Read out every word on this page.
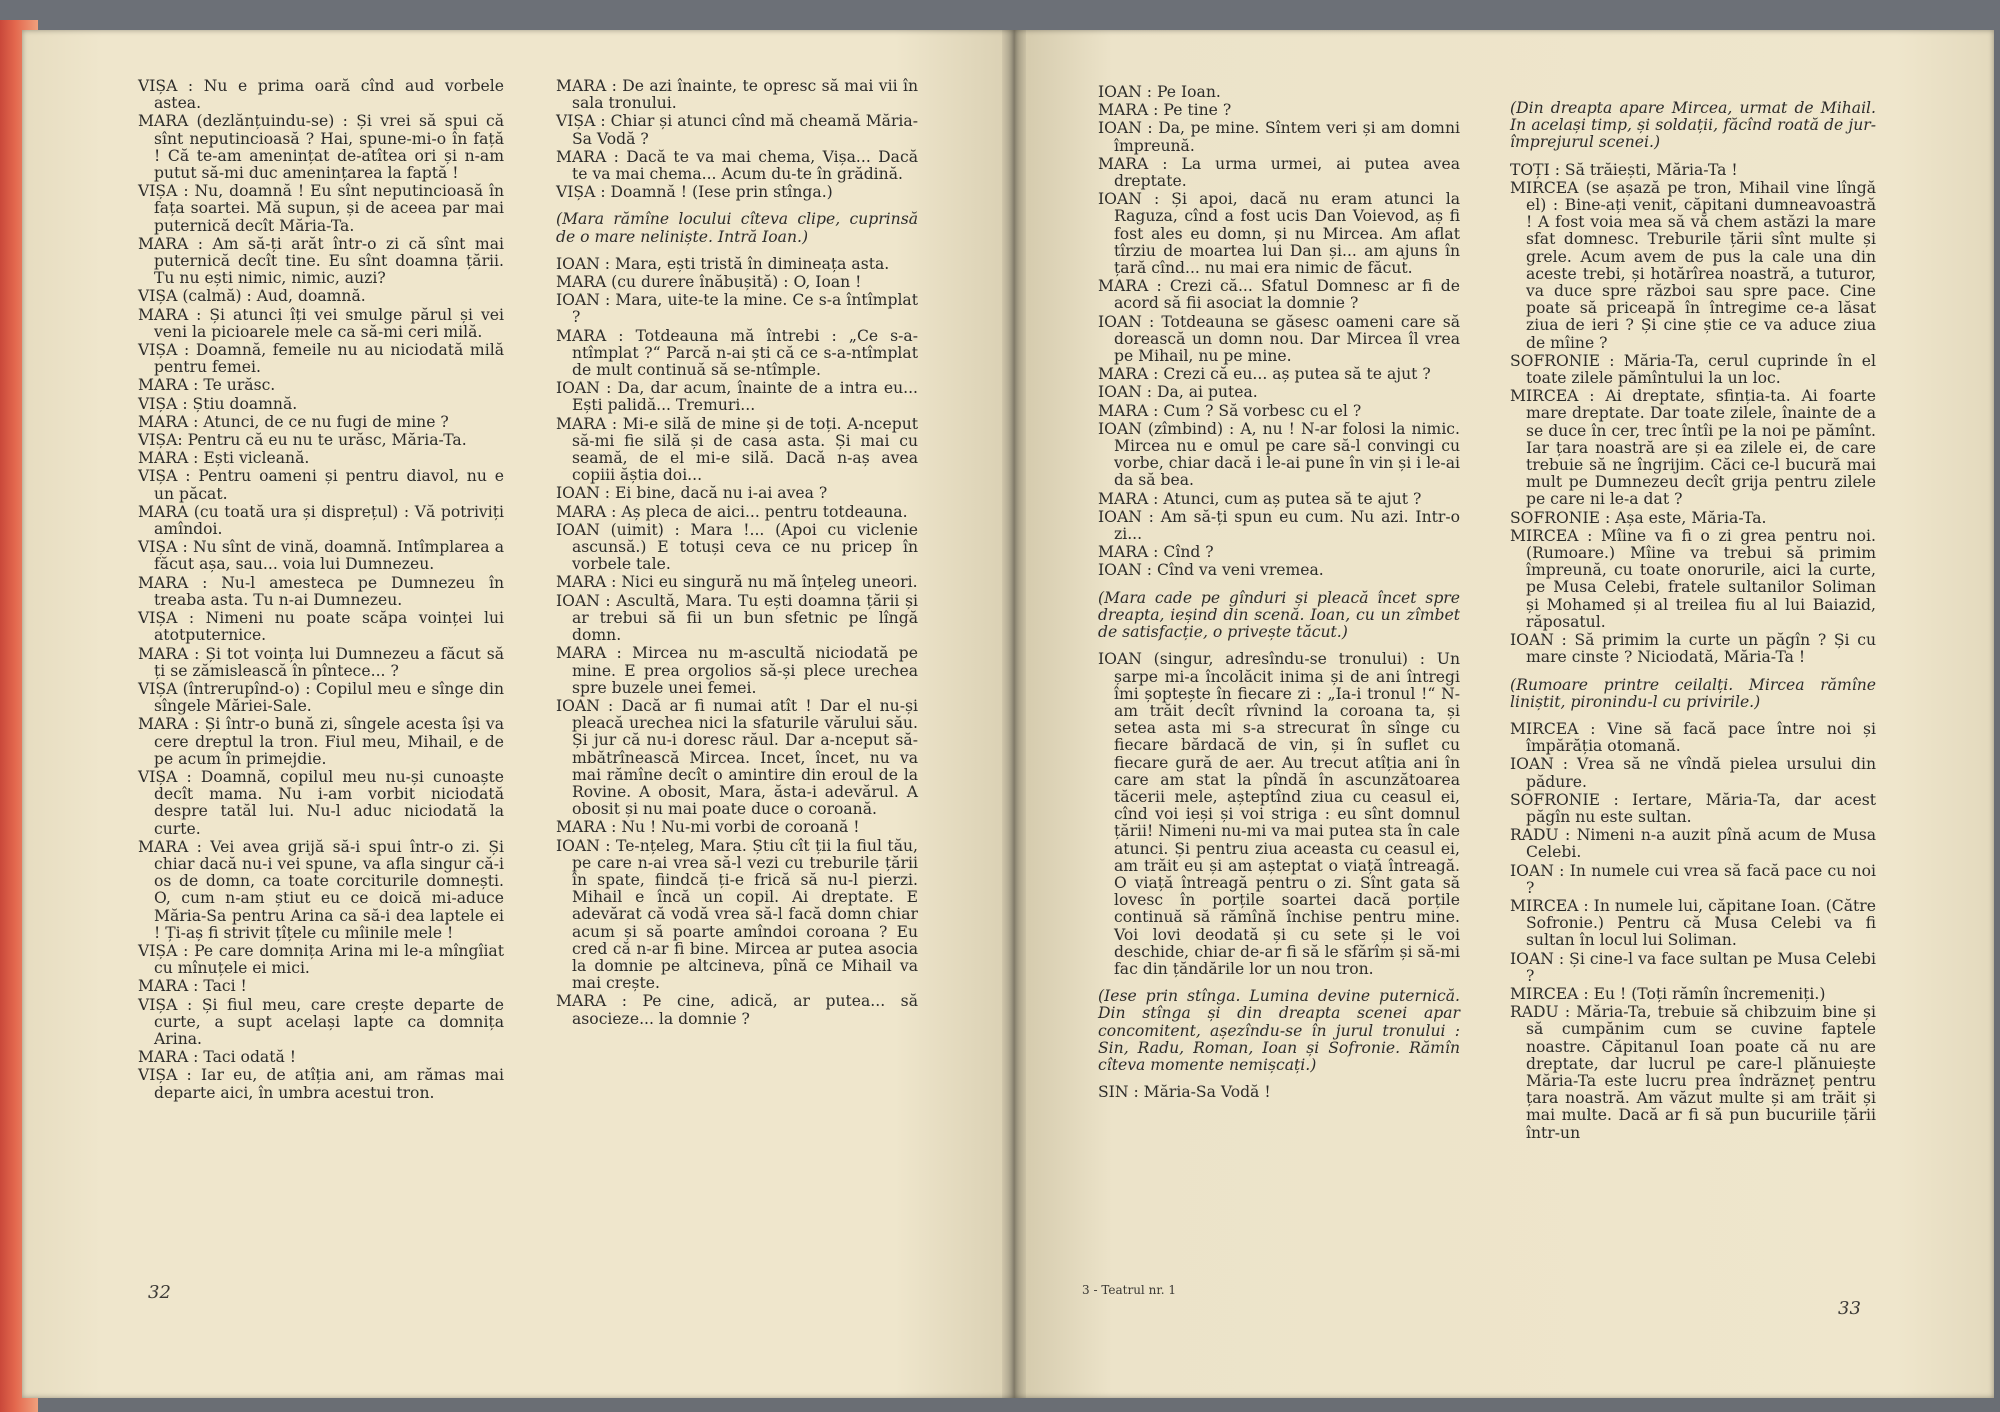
VIȘA : Nu e prima oară cînd aud vorbele astea.

MARA (dezlănțuindu-se) : Și vrei să spui că sînt neputincioasă ? Hai, spune-mi-o în față ! Că te-am amenințat de-atîtea ori și n-am putut să-mi duc amenințarea la faptă !

VIȘA : Nu, doamnă ! Eu sînt neputincioasă în fața soartei. Mă supun, și de aceea par mai puternică decît Măria-Ta.

MARA : Am să-ți arăt într-o zi că sînt mai puternică decît tine. Eu sînt doamna țării. Tu nu ești nimic, nimic, auzi?

VIȘA (calmă) : Aud, doamnă.

MARA : Și atunci îți vei smulge părul și vei veni la picioarele mele ca să-mi ceri milă.

VIȘA : Doamnă, femeile nu au niciodată milă pentru femei.

MARA : Te urăsc.

VIȘA : Știu doamnă.

MARA : Atunci, de ce nu fugi de mine ?

VIȘA: Pentru că eu nu te urăsc, Măria-Ta.

MARA : Ești vicleană.

VIȘA : Pentru oameni și pentru diavol, nu e un păcat.

MARA (cu toată ura și disprețul) : Vă potriviți amîndoi.

VIȘA : Nu sînt de vină, doamnă. Intîmplarea a făcut așa, sau... voia lui Dumnezeu.

MARA : Nu-l amesteca pe Dumnezeu în treaba asta. Tu n-ai Dumnezeu.

VIȘA : Nimeni nu poate scăpa voinței lui atotputernice.

MARA : Și tot voința lui Dumnezeu a făcut să ți se zămislească în pîntece... ?

VIȘA (întrerupînd-o) : Copilul meu e sînge din sîngele Măriei-Sale.

MARA : Și într-o bună zi, sîngele acesta își va cere dreptul la tron. Fiul meu, Mihail, e de pe acum în primejdie.

VIȘA : Doamnă, copilul meu nu-și cunoaște decît mama. Nu i-am vorbit niciodată despre tatăl lui. Nu-l aduc niciodată la curte.

MARA : Vei avea grijă să-i spui într-o zi. Și chiar dacă nu-i vei spune, va afla singur că-i os de domn, ca toate corciturile domnești. O, cum n-am știut eu ce doică mi-aduce Măria-Sa pentru Arina ca să-i dea laptele ei ! Ți-aș fi strivit țîțele cu mîinile mele !

VIȘA : Pe care domnița Arina mi le-a mîngîiat cu mînuțele ei mici.

MARA : Taci !

VIȘA : Și fiul meu, care crește departe de curte, a supt același lapte ca domnița Arina.

MARA : Taci odată !

VIȘA : Iar eu, de atîția ani, am rămas mai departe aici, în umbra acestui tron.

MARA : De azi înainte, te opresc să mai vii în sala tronului.

VIȘA : Chiar și atunci cînd mă cheamă Măria-Sa Vodă ?

MARA : Dacă te va mai chema, Vișa... Dacă te va mai chema... Acum du-te în grădină.

VIȘA : Doamnă ! (Iese prin stînga.)

(Mara rămîne locului cîteva clipe, cuprinsă de o mare neliniște. Intră Ioan.)

IOAN : Mara, ești tristă în dimineața asta.

MARA (cu durere înăbușită) : O, Ioan !

IOAN : Mara, uite-te la mine. Ce s-a întîmplat ?

MARA : Totdeauna mă întrebi : „Ce s-a-ntîmplat ?“ Parcă n-ai ști că ce s-a-ntîmplat de mult continuă să se-ntîmple.

IOAN : Da, dar acum, înainte de a intra eu... Ești palidă... Tremuri...

MARA : Mi-e silă de mine și de toți. A-nceput să-mi fie silă și de casa asta. Și mai cu seamă, de el mi-e silă. Dacă n-aș avea copiii ăștia doi...

IOAN : Ei bine, dacă nu i-ai avea ?

MARA : Aș pleca de aici... pentru totdeauna.

IOAN (uimit) : Mara !... (Apoi cu viclenie ascunsă.) E totuși ceva ce nu pricep în vorbele tale.

MARA : Nici eu singură nu mă înțeleg uneori.

IOAN : Ascultă, Mara. Tu ești doamna țării și ar trebui să fii un bun sfetnic pe lîngă domn.

MARA : Mircea nu m-ascultă niciodată pe mine. E prea orgolios să-și plece urechea spre buzele unei femei.

IOAN : Dacă ar fi numai atît ! Dar el nu-și pleacă urechea nici la sfaturile vărului său. Și jur că nu-i doresc răul. Dar a-nceput să-mbătrînească Mircea. Incet, încet, nu va mai rămîne decît o amintire din eroul de la Rovine. A obosit, Mara, ăsta-i adevărul. A obosit și nu mai poate duce o coroană.

MARA : Nu ! Nu-mi vorbi de coroană !

IOAN : Te-nțeleg, Mara. Știu cît ții la fiul tău, pe care n-ai vrea să-l vezi cu treburile țării în spate, fiindcă ți-e frică să nu-l pierzi. Mihail e încă un copil. Ai dreptate. E adevărat că vodă vrea să-l facă domn chiar acum și să poarte amîndoi coroana ? Eu cred că n-ar fi bine. Mircea ar putea asocia la domnie pe altcineva, pînă ce Mihail va mai crește.

MARA : Pe cine, adică, ar putea... să asocieze... la domnie ?

IOAN : Pe Ioan.

MARA : Pe tine ?

IOAN : Da, pe mine. Sîntem veri și am domni împreună.

MARA : La urma urmei, ai putea avea dreptate.

IOAN : Și apoi, dacă nu eram atunci la Raguza, cînd a fost ucis Dan Voievod, aș fi fost ales eu domn, și nu Mircea. Am aflat tîrziu de moartea lui Dan și... am ajuns în țară cînd... nu mai era nimic de făcut.

MARA : Crezi că... Sfatul Domnesc ar fi de acord să fii asociat la domnie ?

IOAN : Totdeauna se găsesc oameni care să dorească un domn nou. Dar Mircea îl vrea pe Mihail, nu pe mine.

MARA : Crezi că eu... aș putea să te ajut ?

IOAN : Da, ai putea.

MARA : Cum ? Să vorbesc cu el ?

IOAN (zîmbind) : A, nu ! N-ar folosi la nimic. Mircea nu e omul pe care să-l convingi cu vorbe, chiar dacă i le-ai pune în vin și i le-ai da să bea.

MARA : Atunci, cum aș putea să te ajut ?

IOAN : Am să-ți spun eu cum. Nu azi. Intr-o zi...

MARA : Cînd ?

IOAN : Cînd va veni vremea.

(Mara cade pe gînduri și pleacă încet spre dreapta, ieșind din scenă. Ioan, cu un zîmbet de satisfacție, o privește tăcut.)

IOAN (singur, adresîndu-se tronului) : Un șarpe mi-a încolăcit inima și de ani întregi îmi șoptește în fiecare zi : „Ia-i tronul !“ N-am trăit decît rîvnind la coroana ta, și setea asta mi s-a strecurat în sînge cu fiecare bărdacă de vin, și în suflet cu fiecare gură de aer. Au trecut atîția ani în care am stat la pîndă în ascunzătoarea tăcerii mele, așteptînd ziua cu ceasul ei, cînd voi ieși și voi striga : eu sînt domnul țării! Nimeni nu-mi va mai putea sta în cale atunci. Și pentru ziua aceasta cu ceasul ei, am trăit eu și am așteptat o viață întreagă. O viață întreagă pentru o zi. Sînt gata să lovesc în porțile soartei dacă porțile continuă să rămînă închise pentru mine. Voi lovi deodată și cu sete și le voi deschide, chiar de-ar fi să le sfărîm și să-mi fac din țăndările lor un nou tron.

(Iese prin stînga. Lumina devine puternică. Din stînga și din dreapta scenei apar concomitent, așezîndu-se în jurul tronului : Sin, Radu, Roman, Ioan și Sofronie. Rămîn cîteva momente nemișcați.)

SIN : Măria-Sa Vodă !

(Din dreapta apare Mircea, urmat de Mihail. In același timp, și soldații, făcînd roată de jur-împrejurul scenei.)

TOȚI : Să trăiești, Măria-Ta !

MIRCEA (se așază pe tron, Mihail vine lîngă el) : Bine-ați venit, căpitani dumneavoastră ! A fost voia mea să vă chem astăzi la mare sfat domnesc. Treburile țării sînt multe și grele. Acum avem de pus la cale una din aceste trebi, și hotărîrea noastră, a tuturor, va duce spre război sau spre pace. Cine poate să priceapă în întregime ce-a lăsat ziua de ieri ? Și cine știe ce va aduce ziua de mîine ?

SOFRONIE : Măria-Ta, cerul cuprinde în el toate zilele pămîntului la un loc.

MIRCEA : Ai dreptate, sfinția-ta. Ai foarte mare dreptate. Dar toate zilele, înainte de a se duce în cer, trec întîi pe la noi pe pămînt. Iar țara noastră are și ea zilele ei, de care trebuie să ne îngrijim. Căci ce-l bucură mai mult pe Dumnezeu decît grija pentru zilele pe care ni le-a dat ?

SOFRONIE : Așa este, Măria-Ta.

MIRCEA : Mîine va fi o zi grea pentru noi. (Rumoare.) Mîine va trebui să primim împreună, cu toate onorurile, aici la curte, pe Musa Celebi, fratele sultanilor Soliman și Mohamed și al treilea fiu al lui Baiazid, răposatul.

IOAN : Să primim la curte un păgîn ? Și cu mare cinste ? Niciodată, Măria-Ta !

(Rumoare printre ceilalți. Mircea rămîne liniștit, pironindu-l cu privirile.)

MIRCEA : Vine să facă pace între noi și împărăția otomană.

IOAN : Vrea să ne vîndă pielea ursului din pădure.

SOFRONIE : Iertare, Măria-Ta, dar acest păgîn nu este sultan.

RADU : Nimeni n-a auzit pînă acum de Musa Celebi.

IOAN : In numele cui vrea să facă pace cu noi ?

MIRCEA : In numele lui, căpitane Ioan. (Către Sofronie.) Pentru că Musa Celebi va fi sultan în locul lui Soliman.

IOAN : Și cine-l va face sultan pe Musa Celebi ?

MIRCEA : Eu ! (Toți rămîn încremeniți.)

RADU : Măria-Ta, trebuie să chibzuim bine și să cumpănim cum se cuvine faptele noastre. Căpitanul Ioan poate că nu are dreptate, dar lucrul pe care-l plănuiește Măria-Ta este lucru prea îndrăzneț pentru țara noastră. Am văzut multe și am trăit și mai multe. Dacă ar fi să pun bucuriile țării într-un

32	3 - Teatrul nr. 1
33
